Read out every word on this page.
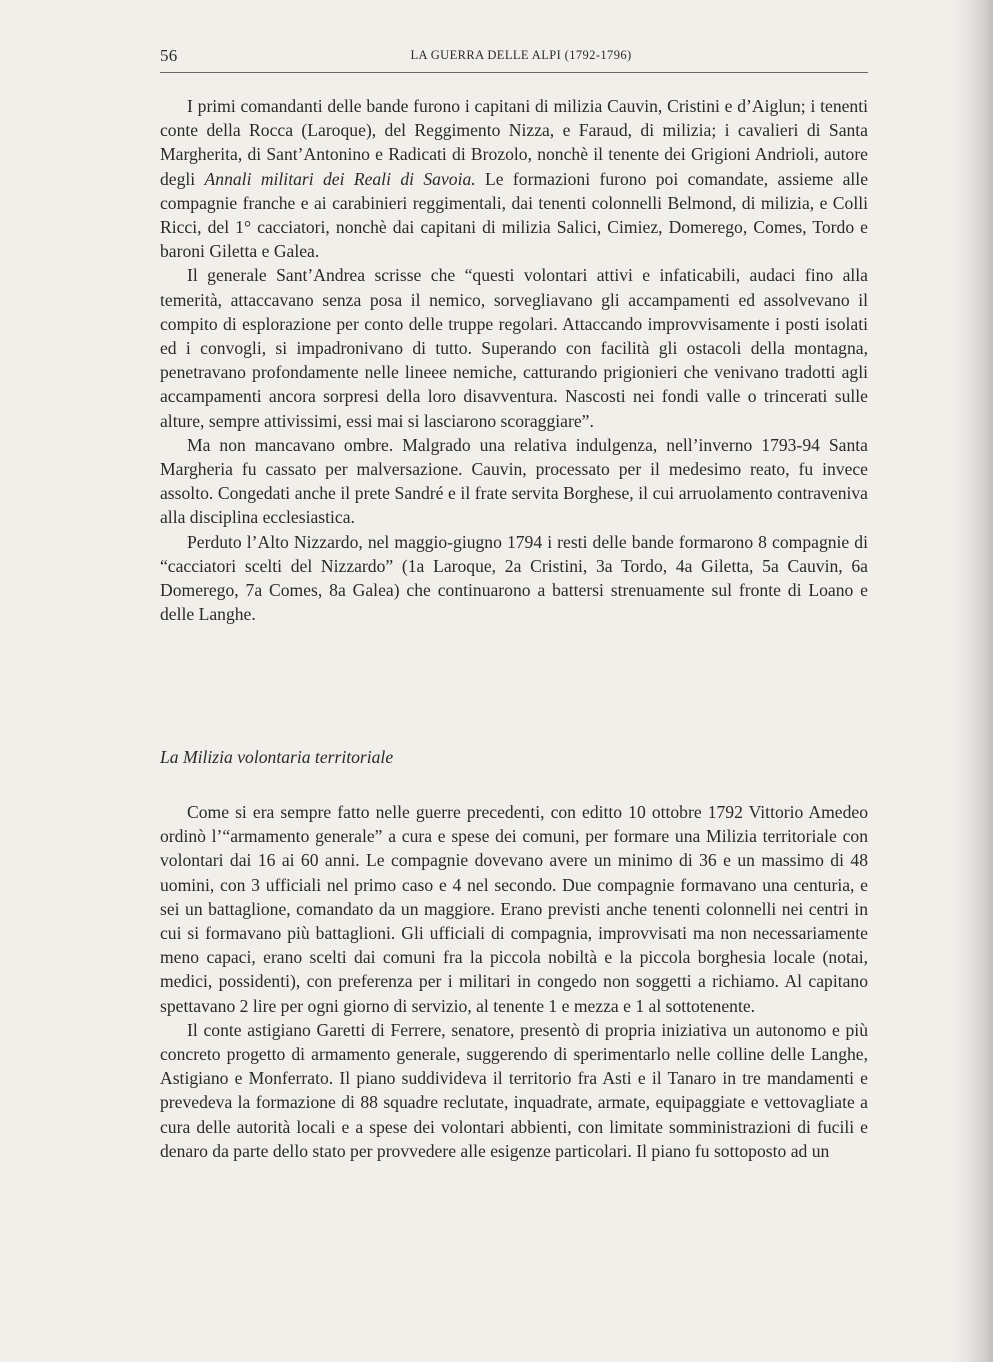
56	LA GUERRA DELLE ALPI (1792-1796)

I primi comandanti delle bande furono i capitani di milizia Cauvin, Cristini e d’Aiglun; i tenenti conte della Rocca (Laroque), del Reggimento Nizza, e Faraud, di milizia; i cavalieri di Santa Margherita, di Sant’Antonino e Radicati di Brozolo, nonchè il tenente dei Grigioni Andrioli, autore degli Annali militari dei Reali di Savoia. Le formazioni furono poi comandate, assieme alle compagnie franche e ai carabinieri reggimentali, dai tenenti colonnelli Belmond, di milizia, e Colli Ricci, del 1° cacciatori, nonchè dai capitani di milizia Salici, Cimiez, Domerego, Comes, Tordo e baroni Giletta e Galea.

Il generale Sant’Andrea scrisse che “questi volontari attivi e infaticabili, audaci fino alla temerità, attaccavano senza posa il nemico, sorvegliavano gli accampamenti ed assolvevano il compito di esplorazione per conto delle truppe regolari. Attaccando improvvisamente i posti isolati ed i convogli, si impadronivano di tutto. Superando con facilità gli ostacoli della montagna, penetravano profondamente nelle lineee nemiche, catturando prigionieri che venivano tradotti agli accampamenti ancora sorpresi della loro disavventura. Nascosti nei fondi valle o trincerati sulle alture, sempre attivissimi, essi mai si lasciarono scoraggiare”.

Ma non mancavano ombre. Malgrado una relativa indulgenza, nell’inverno 1793-94 Santa Margheria fu cassato per malversazione. Cauvin, processato per il medesimo reato, fu invece assolto. Congedati anche il prete Sandré e il frate servita Borghese, il cui arruolamento contraveniva alla disciplina ecclesiastica.

Perduto l’Alto Nizzardo, nel maggio-giugno 1794 i resti delle bande formarono 8 compagnie di “cacciatori scelti del Nizzardo” (1a Laroque, 2a Cristini, 3a Tordo, 4a Giletta, 5a Cauvin, 6a Domerego, 7a Comes, 8a Galea) che continuarono a battersi strenuamente sul fronte di Loano e delle Langhe.

La Milizia volontaria territoriale

Come si era sempre fatto nelle guerre precedenti, con editto 10 ottobre 1792 Vittorio Amedeo ordinò l’“armamento generale” a cura e spese dei comuni, per formare una Milizia territoriale con volontari dai 16 ai 60 anni. Le compagnie dovevano avere un minimo di 36 e un massimo di 48 uomini, con 3 ufficiali nel primo caso e 4 nel secondo. Due compagnie formavano una centuria, e sei un battaglione, comandato da un maggiore. Erano previsti anche tenenti colonnelli nei centri in cui si formavano più battaglioni. Gli ufficiali di compagnia, improvvisati ma non necessariamente meno capaci, erano scelti dai comuni fra la piccola nobiltà e la piccola borghesia locale (notai, medici, possidenti), con preferenza per i militari in congedo non soggetti a richiamo. Al capitano spettavano 2 lire per ogni giorno di servizio, al tenente 1 e mezza e 1 al sottotenente.

Il conte astigiano Garetti di Ferrere, senatore, presentò di propria iniziativa un autonomo e più concreto progetto di armamento generale, suggerendo di sperimentarlo nelle colline delle Langhe, Astigiano e Monferrato. Il piano suddivideva il territorio fra Asti e il Tanaro in tre mandamenti e prevedeva la formazione di 88 squadre reclutate, inquadrate, armate, equipaggiate e vettovagliate a cura delle autorità locali e a spese dei volontari abbienti, con limitate somministrazioni di fucili e denaro da parte dello stato per provvedere alle esigenze particolari. Il piano fu sottoposto ad un
